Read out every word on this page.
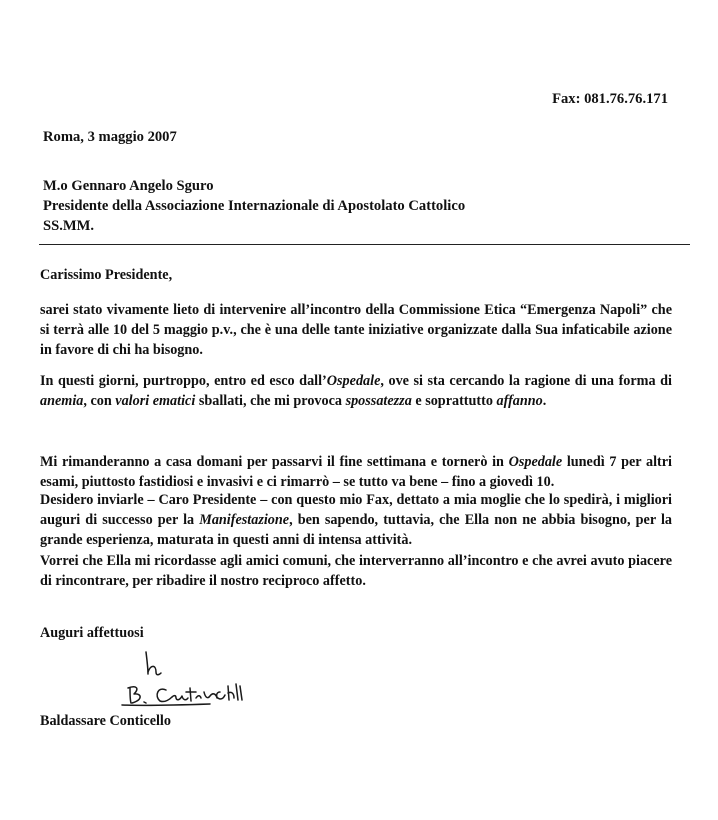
Fax: 081.76.76.171
Roma, 3 maggio 2007
M.o Gennaro Angelo Sguro
Presidente della Associazione Internazionale di Apostolato Cattolico
SS.MM.
Carissimo Presidente,

sarei stato vivamente lieto di intervenire all’incontro della Commissione Etica “Emergenza Napoli” che si terrà alle 10 del 5 maggio p.v., che è una delle tante iniziative organizzate dalla Sua infaticabile azione in favore di chi ha bisogno.

In questi giorni, purtroppo, entro ed esco dall’Ospedale, ove si sta cercando la ragione di una forma di anemia, con valori ematici sballati, che mi provoca spossatezza e soprattutto affanno.

Mi rimanderanno a casa domani per passarvi il fine settimana e tornerò in Ospedale lunedì 7 per altri esami, piuttosto fastidiosi e invasivi e ci rimarrò – se tutto va bene – fino a giovedì 10.

Desidero inviarle – Caro Presidente – con questo mio Fax, dettato a mia moglie che lo spedirà, i migliori auguri di successo per la Manifestazione, ben sapendo, tuttavia, che Ella non ne abbia bisogno, per la grande esperienza, maturata in questi anni di intensa attività.

Vorrei che Ella mi ricordasse agli amici comuni, che interverranno all’incontro e che avrei avuto piacere di rincontrare, per ribadire il nostro reciproco affetto.

Auguri affettuosi
Baldassare Conticello
